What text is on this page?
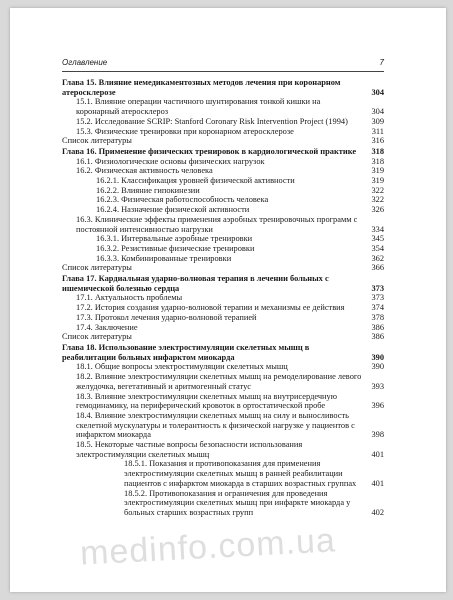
Оглавление	7
Глава 15. Влияние немедикаментозных методов лечения при коронарном атеросклерозе	304
15.1. Влияние операции частичного шунтирования тонкой кишки на коронарный атеросклероз	304
15.2. Исследование SCRIP: Stanford Coronary Risk Intervention Project (1994)	309
15.3. Физические тренировки при коронарном атеросклерозе	311
Список литературы	316
Глава 16. Применение физических тренировок в кардиологической практике	318
16.1. Физиологические основы физических нагрузок	318
16.2. Физическая активность человека	319
16.2.1. Классификация уровней физической активности	319
16.2.2. Влияние гипокинезии	322
16.2.3. Физическая работоспособность человека	322
16.2.4. Назначение физической активности	326
16.3. Клинические эффекты применения аэробных тренировочных программ с постоянной интенсивностью нагрузки	334
16.3.1. Интервальные аэробные тренировки	345
16.3.2. Резистивные физические тренировки	354
16.3.3. Комбинированные тренировки	362
Список литературы	366
Глава 17. Кардиальная ударно-волновая терапия в лечении больных с ишемической болезнью сердца	373
17.1. Актуальность проблемы	373
17.2. История создания ударно-волновой терапии и механизмы ее действия	374
17.3. Протокол лечения ударно-волновой терапией	378
17.4. Заключение	386
Список литературы	386
Глава 18. Использование электростимуляции скелетных мышц в реабилитации больных инфарктом миокарда	390
18.1. Общие вопросы электростимуляции скелетных мышц	390
18.2. Влияние электростимуляции скелетных мышц на ремоделирование левого желудочка, вегетативный и аритмогенный статус	393
18.3. Влияние электростимуляции скелетных мышц на внутрисердечную гемодинамику, на периферический кровоток в ортостатической пробе	396
18.4. Влияние электростимуляции скелетных мышц на силу и выносливость скелетной мускулатуры и толерантность к физической нагрузке у пациентов с инфарктом миокарда	398
18.5. Некоторые частные вопросы безопасности использования электростимуляции скелетных мышц	401
18.5.1. Показания и противопоказания для применения электростимуляции скелетных мышц в ранней реабилитации пациентов с инфарктом миокарда в старших возрастных группах	401
18.5.2. Противопоказания и ограничения для проведения электростимуляции скелетных мышц при инфаркте миокарда у больных старших возрастных групп	402
medinfo.com.ua
